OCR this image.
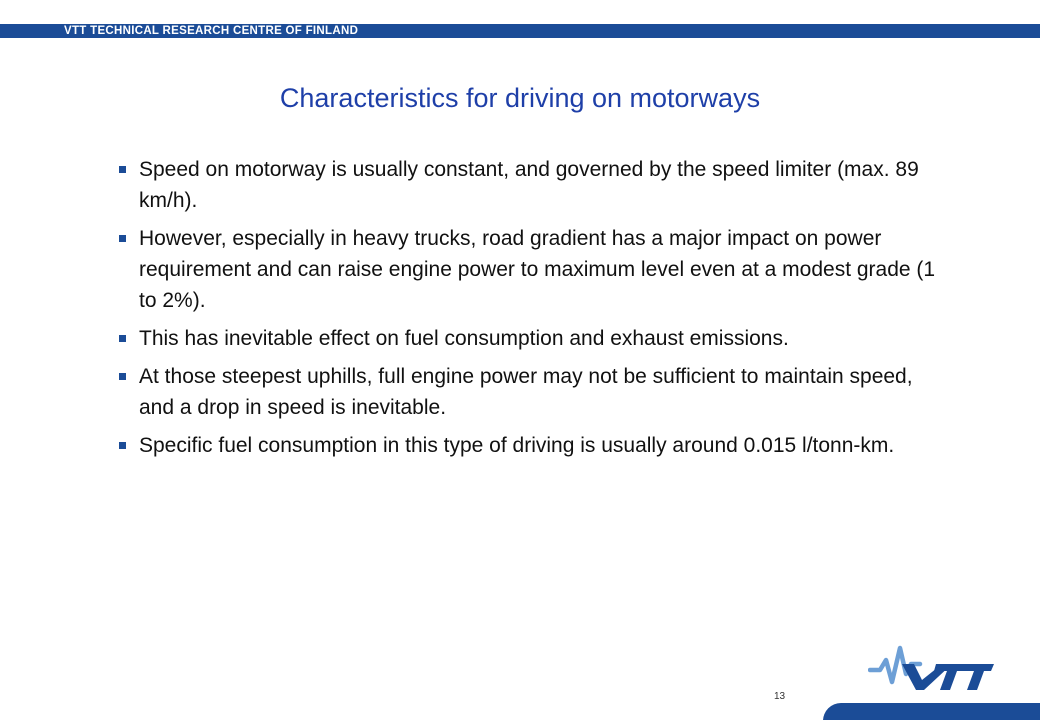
VTT TECHNICAL RESEARCH CENTRE OF FINLAND
Characteristics for driving on motorways
Speed on motorway is usually constant, and governed by the speed limiter (max. 89 km/h).
However, especially in heavy trucks, road gradient has a major impact on power requirement and can raise engine power to maximum level even at a modest grade (1 to 2%).
This has inevitable effect on fuel consumption and exhaust emissions.
At those steepest uphills, full engine power may not be sufficient to maintain speed, and a drop in speed is inevitable.
Specific fuel consumption in this type of driving is usually around 0.015 l/tonn-km.
13
